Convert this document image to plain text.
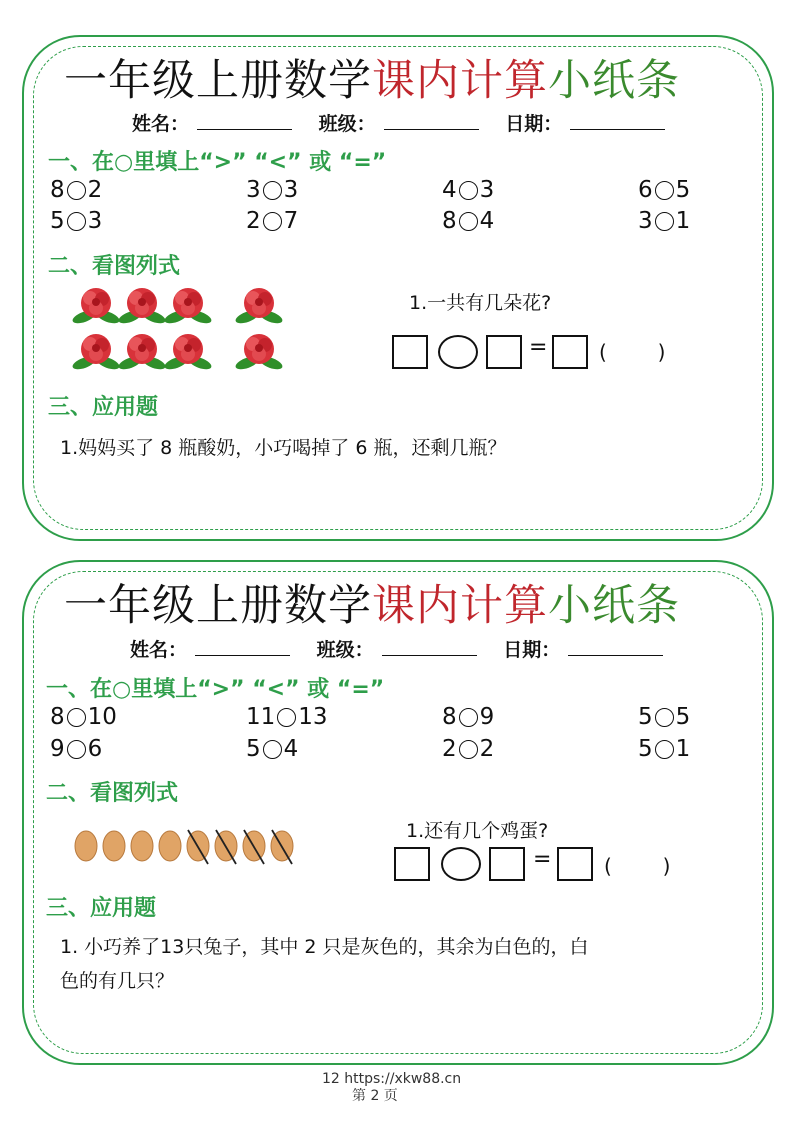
一年级上册数学课内计算小纸条
姓名：	班级：	日期：
一、在○里填上“>” “<” 或 “=”
8 2	3 3	4 3	6 5
5 3	2 7	8 4	3 1
二、看图列式
1.一共有几朵花?
=	(        )
三、应用题
1.妈妈买了 8 瓶酸奶，小巧喝掉了 6 瓶，还剩几瓶？
一年级上册数学课内计算小纸条
姓名：	班级：	日期：
一、在○里填上“>” “<” 或 “=”
8 10	11 13	8 9	5 5
9 6	5 4	2 2	5 1
二、看图列式
1.还有几个鸡蛋?
=	(        )
三、应用题
1. 小巧养了13只兔子，其中 2 只是灰色的，其余为白色的，白
色的有几只？
12 https://xkw88.cn
第 2 页
